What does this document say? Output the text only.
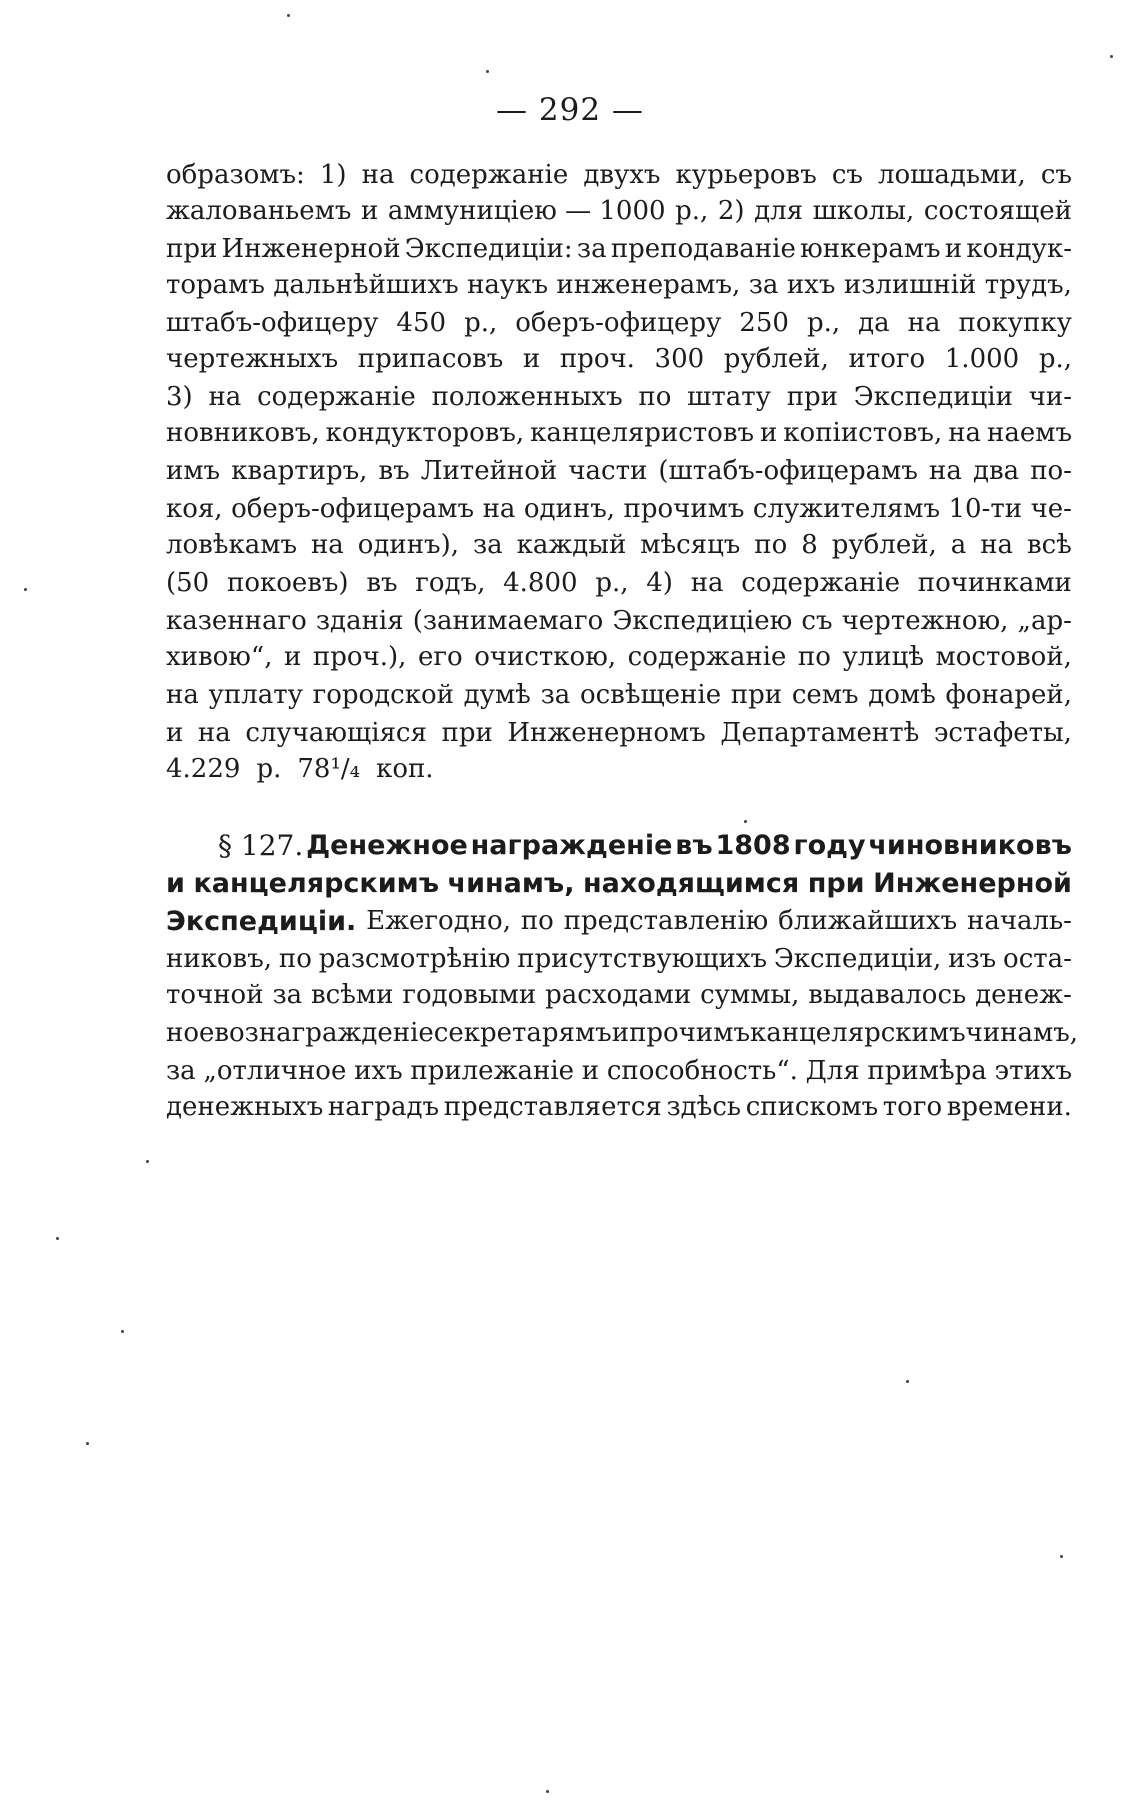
— 292 —
образомъ: 1) на содержаніе двухъ курьеровъ съ лошадьми, съ
жалованьемъ и аммуниціею — 1000 р., 2) для школы, состоящей
при Инженерной Экспедиціи: за преподаваніе юнкерамъ и кондук-
торамъ дальнѣйшихъ наукъ инженерамъ, за ихъ излишній трудъ,
штабъ-офицеру 450 р., оберъ-офицеру 250 р., да на покупку
чертежныхъ припасовъ и проч. 300 рублей, итого 1.000 р.,
3) на содержаніе положенныхъ по штату при Экспедиціи чи-
новниковъ, кондукторовъ, канцеляристовъ и копіистовъ, на наемъ
имъ квартиръ, въ Литейной части (штабъ-офицерамъ на два по-
коя, оберъ-офицерамъ на одинъ, прочимъ служителямъ 10-ти че-
ловѣкамъ на одинъ), за каждый мѣсяцъ по 8 рублей, а на всѣ
(50 покоевъ) въ годъ, 4.800 р., 4) на содержаніе починками
казеннаго зданія (занимаемаго Экспедиціею съ чертежною, „ар-
хивою“, и проч.), его очисткою, содержаніе по улицѣ мостовой,
на уплату городской думѣ за освѣщеніе при семъ домѣ фонарей,
и на случающіяся при Инженерномъ Департаментѣ эстафеты,
4.229 р. 78¹/₄ коп.
§ 127. Денежное награжденіе въ 1808 году чиновниковъ
и канцелярскимъ чинамъ, находящимся при Инженерной
Экспедиціи. Ежегодно, по представленію ближайшихъ началь-
никовъ, по разсмотрѣнію присутствующихъ Экспедиціи, изъ оста-
точной за всѣми годовыми расходами суммы, выдавалось денеж-
ное вознагражденіе секретарямъ и прочимъ канцелярскимъ чинамъ,
за „отличное ихъ прилежаніе и способность“. Для примѣра этихъ
денежныхъ наградъ представляется здѣсь спискомъ того времени.
